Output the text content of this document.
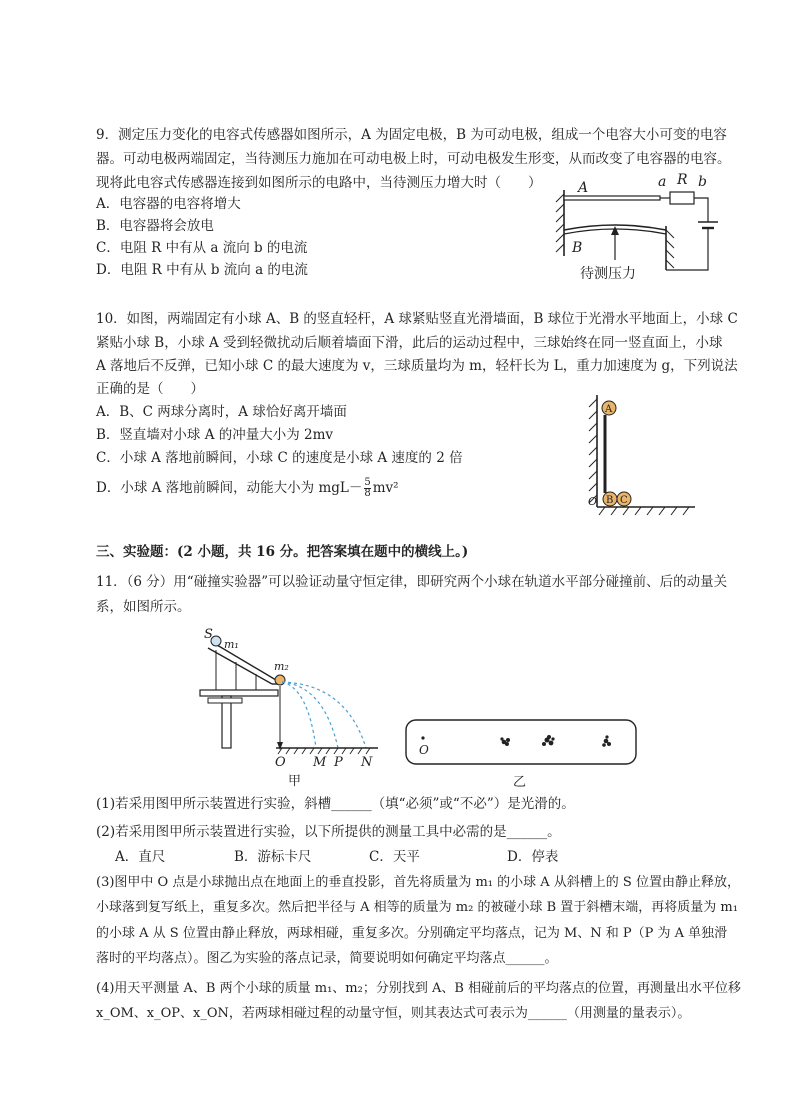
9．测定压力变化的电容式传感器如图所示，A 为固定电极，B 为可动电极，组成一个电容大小可变的电容
器。可动电极两端固定，当待测压力施加在可动电极上时，可动电极发生形变，从而改变了电容器的电容。
现将此电容式传感器连接到如图所示的电路中，当待测压力增大时（　　）
A．电容器的电容将增大
B．电容器将会放电
C．电阻 R 中有从 a 流向 b 的电流
D．电阻 R 中有从 b 流向 a 的电流
A
B
a R b
待测压力
10．如图，两端固定有小球 A、B 的竖直轻杆，A 球紧贴竖直光滑墙面，B 球位于光滑水平地面上，小球 C
紧贴小球 B，小球 A 受到轻微扰动后顺着墙面下滑，此后的运动过程中，三球始终在同一竖直面上，小球
A 落地后不反弹，已知小球 C 的最大速度为 v，三球质量均为 m，轻杆长为 L，重力加速度为 g，下列说法
正确的是（　　）
A．B、C 两球分离时，A 球恰好离开墙面
B．竖直墙对小球 A 的冲量大小为 2mv
C．小球 A 落地前瞬间，小球 C 的速度是小球 A 速度的 2 倍
D．小球 A 落地前瞬间，动能大小为 $mgL- \frac{5}{8} mv^2$
A
B C
O
三、实验题：(2 小题，共 16 分。把答案填在题中的横线上。)
11．（6 分）用“碰撞实验器”可以验证动量守恒定律，即研究两个小球在轨道水平部分碰撞前、后的动量关
系，如图所示。
S
m₁
m₂
O M P N
甲
O
乙
(1)若采用图甲所示装置进行实验，斜槽______（填“必须”或“不必”）是光滑的。
(2)若采用图甲所示装置进行实验，以下所提供的测量工具中必需的是______。
A．直尺	B．游标卡尺	C．天平	D．停表
(3)图甲中 O 点是小球抛出点在地面上的垂直投影，首先将质量为 m₁ 的小球 A 从斜槽上的 S 位置由静止释放，
小球落到复写纸上，重复多次。然后把半径与 A 相等的质量为 m₂ 的被碰小球 B 置于斜槽末端，再将质量为 m₁
的小球 A 从 S 位置由静止释放，两球相碰，重复多次。分别确定平均落点，记为 M、N 和 P（P 为 A 单独滑
落时的平均落点）。图乙为实验的落点记录，简要说明如何确定平均落点______。
(4)用天平测量 A、B 两个小球的质量 m₁、m₂；分别找到 A、B 相碰前后的平均落点的位置，再测量出水平位移
x_OM、x_OP、x_ON，若两球相碰过程的动量守恒，则其表达式可表示为______（用测量的量表示）。
